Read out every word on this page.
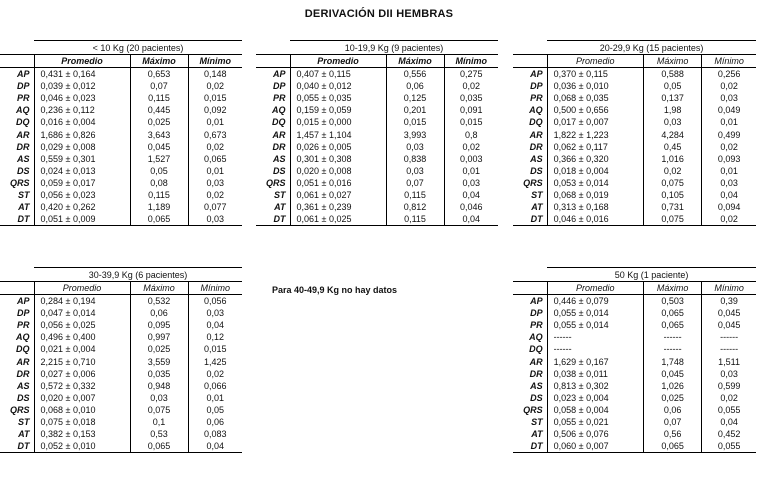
DERIVACIÓN DII HEMBRAS
Para 40-49,9 Kg no hay datos
	< 10 Kg (20 pacientes)		
	Promedio	Máximo	Mínimo
AP	0,431 ± 0,164	0,653	0,148
DP	0,039 ± 0,012	0,07	0,02
PR	0,046 ± 0,023	0,115	0,015
AQ	0,236 ± 0,112	0,445	0,092
DQ	0,016 ± 0,004	0,025	0,01
AR	1,686 ± 0,826	3,643	0,673
DR	0,029 ± 0,008	0,045	0,02
AS	0,559 ± 0,301	1,527	0,065
DS	0,024 ± 0,013	0,05	0,01
QRS	0,059 ± 0,017	0,08	0,03
ST	0,056 ± 0,023	0,115	0,02
AT	0,420 ± 0,262	1,189	0,077
DT	0,051 ± 0,009	0,065	0,03
	10-19,9 Kg (9 pacientes)		
	Promedio	Máximo	Mínimo
AP	0,407 ± 0,115	0,556	0,275
DP	0,040 ± 0,012	0,06	0,02
PR	0,055 ± 0,035	0,125	0,035
AQ	0,159 ± 0,059	0,201	0,091
DQ	0,015 ± 0,000	0,015	0,015
AR	1,457 ± 1,104	3,993	0,8
DR	0,026 ± 0,005	0,03	0,02
AS	0,301 ± 0,308	0,838	0,003
DS	0,020 ± 0,008	0,03	0,01
QRS	0,051 ± 0,016	0,07	0,03
ST	0,061 ± 0,027	0,115	0,04
AT	0,361 ± 0,239	0,812	0,046
DT	0,061 ± 0,025	0,115	0,04
	20-29,9 Kg (15 pacientes)		
	Promedio	Máximo	Mínimo
AP	0,370 ± 0,115	0,588	0,256
DP	0,036 ± 0,010	0,05	0,02
PR	0,068 ± 0,035	0,137	0,03
AQ	0,500 ± 0,656	1,98	0,049
DQ	0,017 ± 0,007	0,03	0,01
AR	1,822 ± 1,223	4,284	0,499
DR	0,062 ± 0,117	0,45	0,02
AS	0,366 ± 0,320	1,016	0,093
DS	0,018 ± 0,004	0,02	0,01
QRS	0,053 ± 0,014	0,075	0,03
ST	0,068 ± 0,019	0,105	0,04
AT	0,313 ± 0,168	0,731	0,094
DT	0,046 ± 0,016	0,075	0,02
	30-39,9 Kg (6 pacientes)		
	Promedio	Máximo	Mínimo
AP	0,284 ± 0,194	0,532	0,056
DP	0,047 ± 0,014	0,06	0,03
PR	0,056 ± 0,025	0,095	0,04
AQ	0,496 ± 0,400	0,997	0,12
DQ	0,021 ± 0,004	0,025	0,015
AR	2,215 ± 0,710	3,559	1,425
DR	0,027 ± 0,006	0,035	0,02
AS	0,572 ± 0,332	0,948	0,066
DS	0,020 ± 0,007	0,03	0,01
QRS	0,068 ± 0,010	0,075	0,05
ST	0,075 ± 0,018	0,1	0,06
AT	0,382 ± 0,153	0,53	0,083
DT	0,052 ± 0,010	0,065	0,04
	50 Kg (1 paciente)		
	Promedio	Máximo	Mínimo
AP	0,446 ± 0,079	0,503	0,39
DP	0,055 ± 0,014	0,065	0,045
PR	0,055 ± 0,014	0,065	0,045
AQ	------	------	------
DQ	------	------	------
AR	1,629 ± 0,167	1,748	1,511
DR	0,038 ± 0,011	0,045	0,03
AS	0,813 ± 0,302	1,026	0,599
DS	0,023 ± 0,004	0,025	0,02
QRS	0,058 ± 0,004	0,06	0,055
ST	0,055 ± 0,021	0,07	0,04
AT	0,506 ± 0,076	0,56	0,452
DT	0,060 ± 0,007	0,065	0,055
